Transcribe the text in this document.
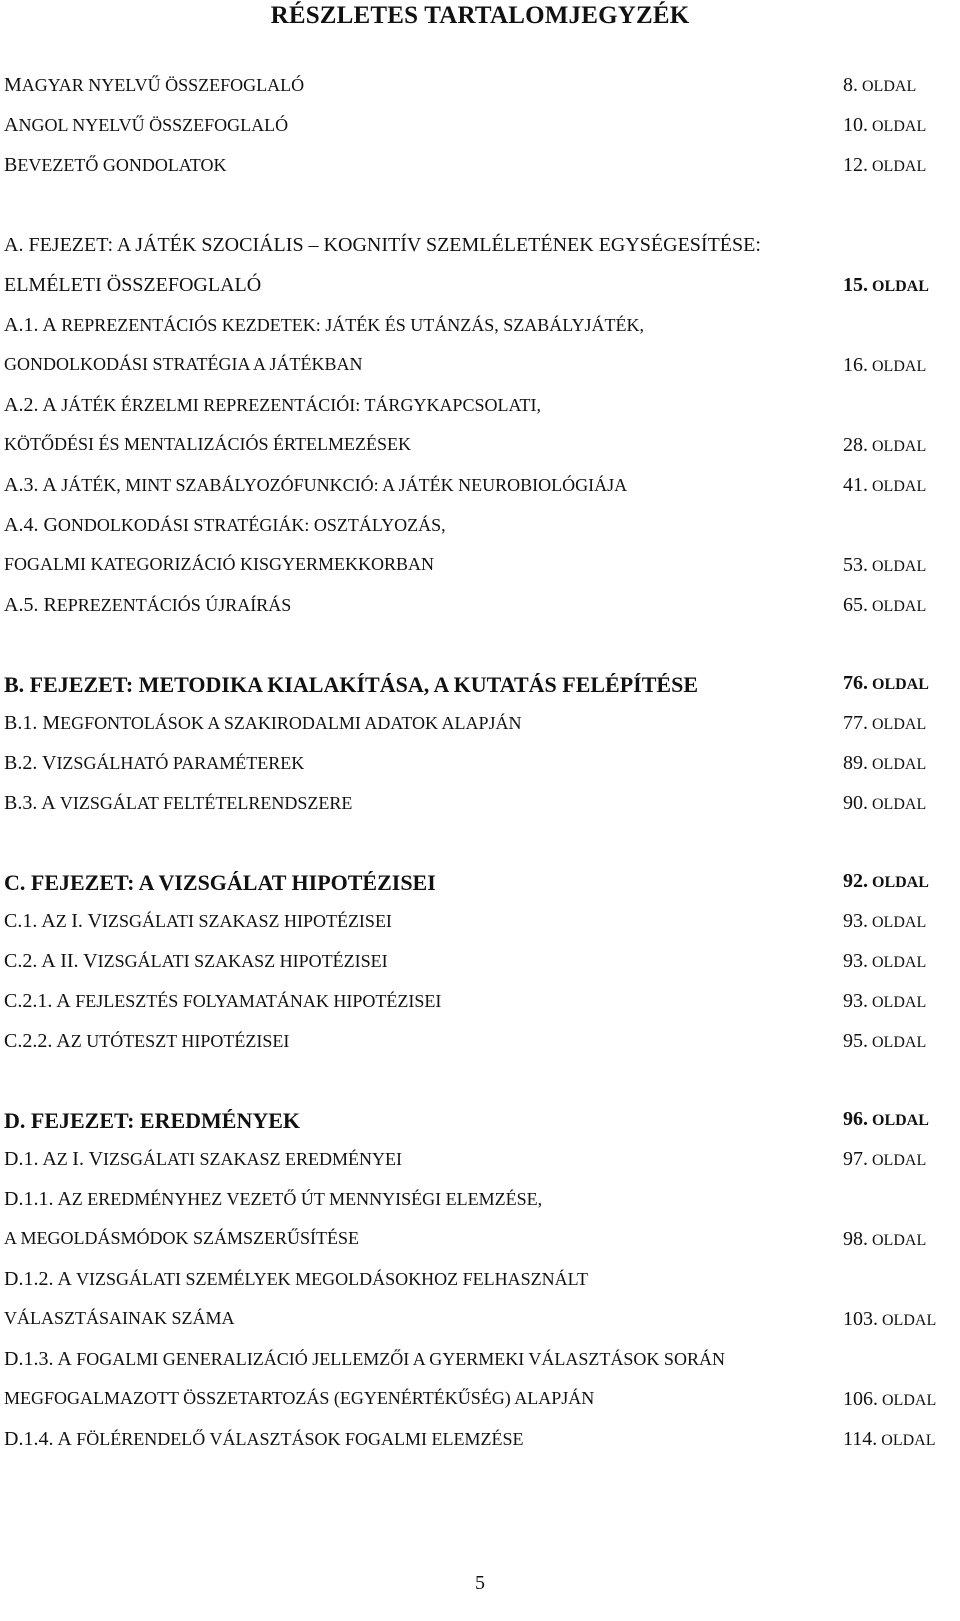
RÉSZLETES TARTALOMJEGYZÉK
MAGYAR NYELVŰ ÖSSZEFOGLALÓ	8. OLDAL
ANGOL NYELVŰ ÖSSZEFOGLALÓ	10. OLDAL
BEVEZETŐ GONDOLATOK	12. OLDAL
A. FEJEZET: A JÁTÉK SZOCIÁLIS – KOGNITÍV SZEMLÉLETÉNEK EGYSÉGESÍTÉSE:
ELMÉLETI ÖSSZEFOGLALÓ	15. OLDAL
A.1. A REPREZENTÁCIÓS KEZDETEK: JÁTÉK ÉS UTÁNZÁS, SZABÁLYJÁTÉK,
GONDOLKODÁSI STRATÉGIA A JÁTÉKBAN	16. OLDAL
A.2. A JÁTÉK ÉRZELMI REPREZENTÁCIÓI: TÁRGYKAPCSOLATI,
KÖTŐDÉSI ÉS MENTALIZÁCIÓS ÉRTELMEZÉSEK	28. OLDAL
A.3. A JÁTÉK, MINT SZABÁLYOZÓFUNKCIÓ: A JÁTÉK NEUROBIOLÓGIÁJA	41. OLDAL
A.4. GONDOLKODÁSI STRATÉGIÁK: OSZTÁLYOZÁS,
FOGALMI KATEGORIZÁCIÓ KISGYERMEKKORBAN	53. OLDAL
A.5. REPREZENTÁCIÓS ÚJRAÍRÁS	65. OLDAL
B. FEJEZET: METODIKA KIALAKÍTÁSA, A KUTATÁS FELÉPÍTÉSE	76. OLDAL
B.1. MEGFONTOLÁSOK A SZAKIRODALMI ADATOK ALAPJÁN	77. OLDAL
B.2. VIZSGÁLHATÓ PARAMÉTEREK	89. OLDAL
B.3. A VIZSGÁLAT FELTÉTELRENDSZERE	90. OLDAL
C. FEJEZET: A VIZSGÁLAT HIPOTÉZISEI	92. OLDAL
C.1. AZ I. VIZSGÁLATI SZAKASZ HIPOTÉZISEI	93. OLDAL
C.2. A II. VIZSGÁLATI SZAKASZ HIPOTÉZISEI	93. OLDAL
C.2.1. A FEJLESZTÉS FOLYAMATÁNAK HIPOTÉZISEI	93. OLDAL
C.2.2. AZ UTÓTESZT HIPOTÉZISEI	95. OLDAL
D. FEJEZET: EREDMÉNYEK	96. OLDAL
D.1. AZ I. VIZSGÁLATI SZAKASZ EREDMÉNYEI	97. OLDAL
D.1.1. AZ EREDMÉNYHEZ VEZETŐ ÚT MENNYISÉGI ELEMZÉSE,
A MEGOLDÁSMÓDOK SZÁMSZERŰSÍTÉSE	98. OLDAL
D.1.2. A VIZSGÁLATI SZEMÉLYEK MEGOLDÁSOKHOZ FELHASZNÁLT
VÁLASZTÁSAINAK SZÁMA	103. OLDAL
D.1.3. A FOGALMI GENERALIZÁCIÓ JELLEMZŐI A GYERMEKI VÁLASZTÁSOK SORÁN
MEGFOGALMAZOTT ÖSSZETARTOZÁS (EGYENÉRTÉKŰSÉG) ALAPJÁN	106. OLDAL
D.1.4. A FÖLÉRENDELŐ VÁLASZTÁSOK FOGALMI ELEMZÉSE	114. OLDAL
5
